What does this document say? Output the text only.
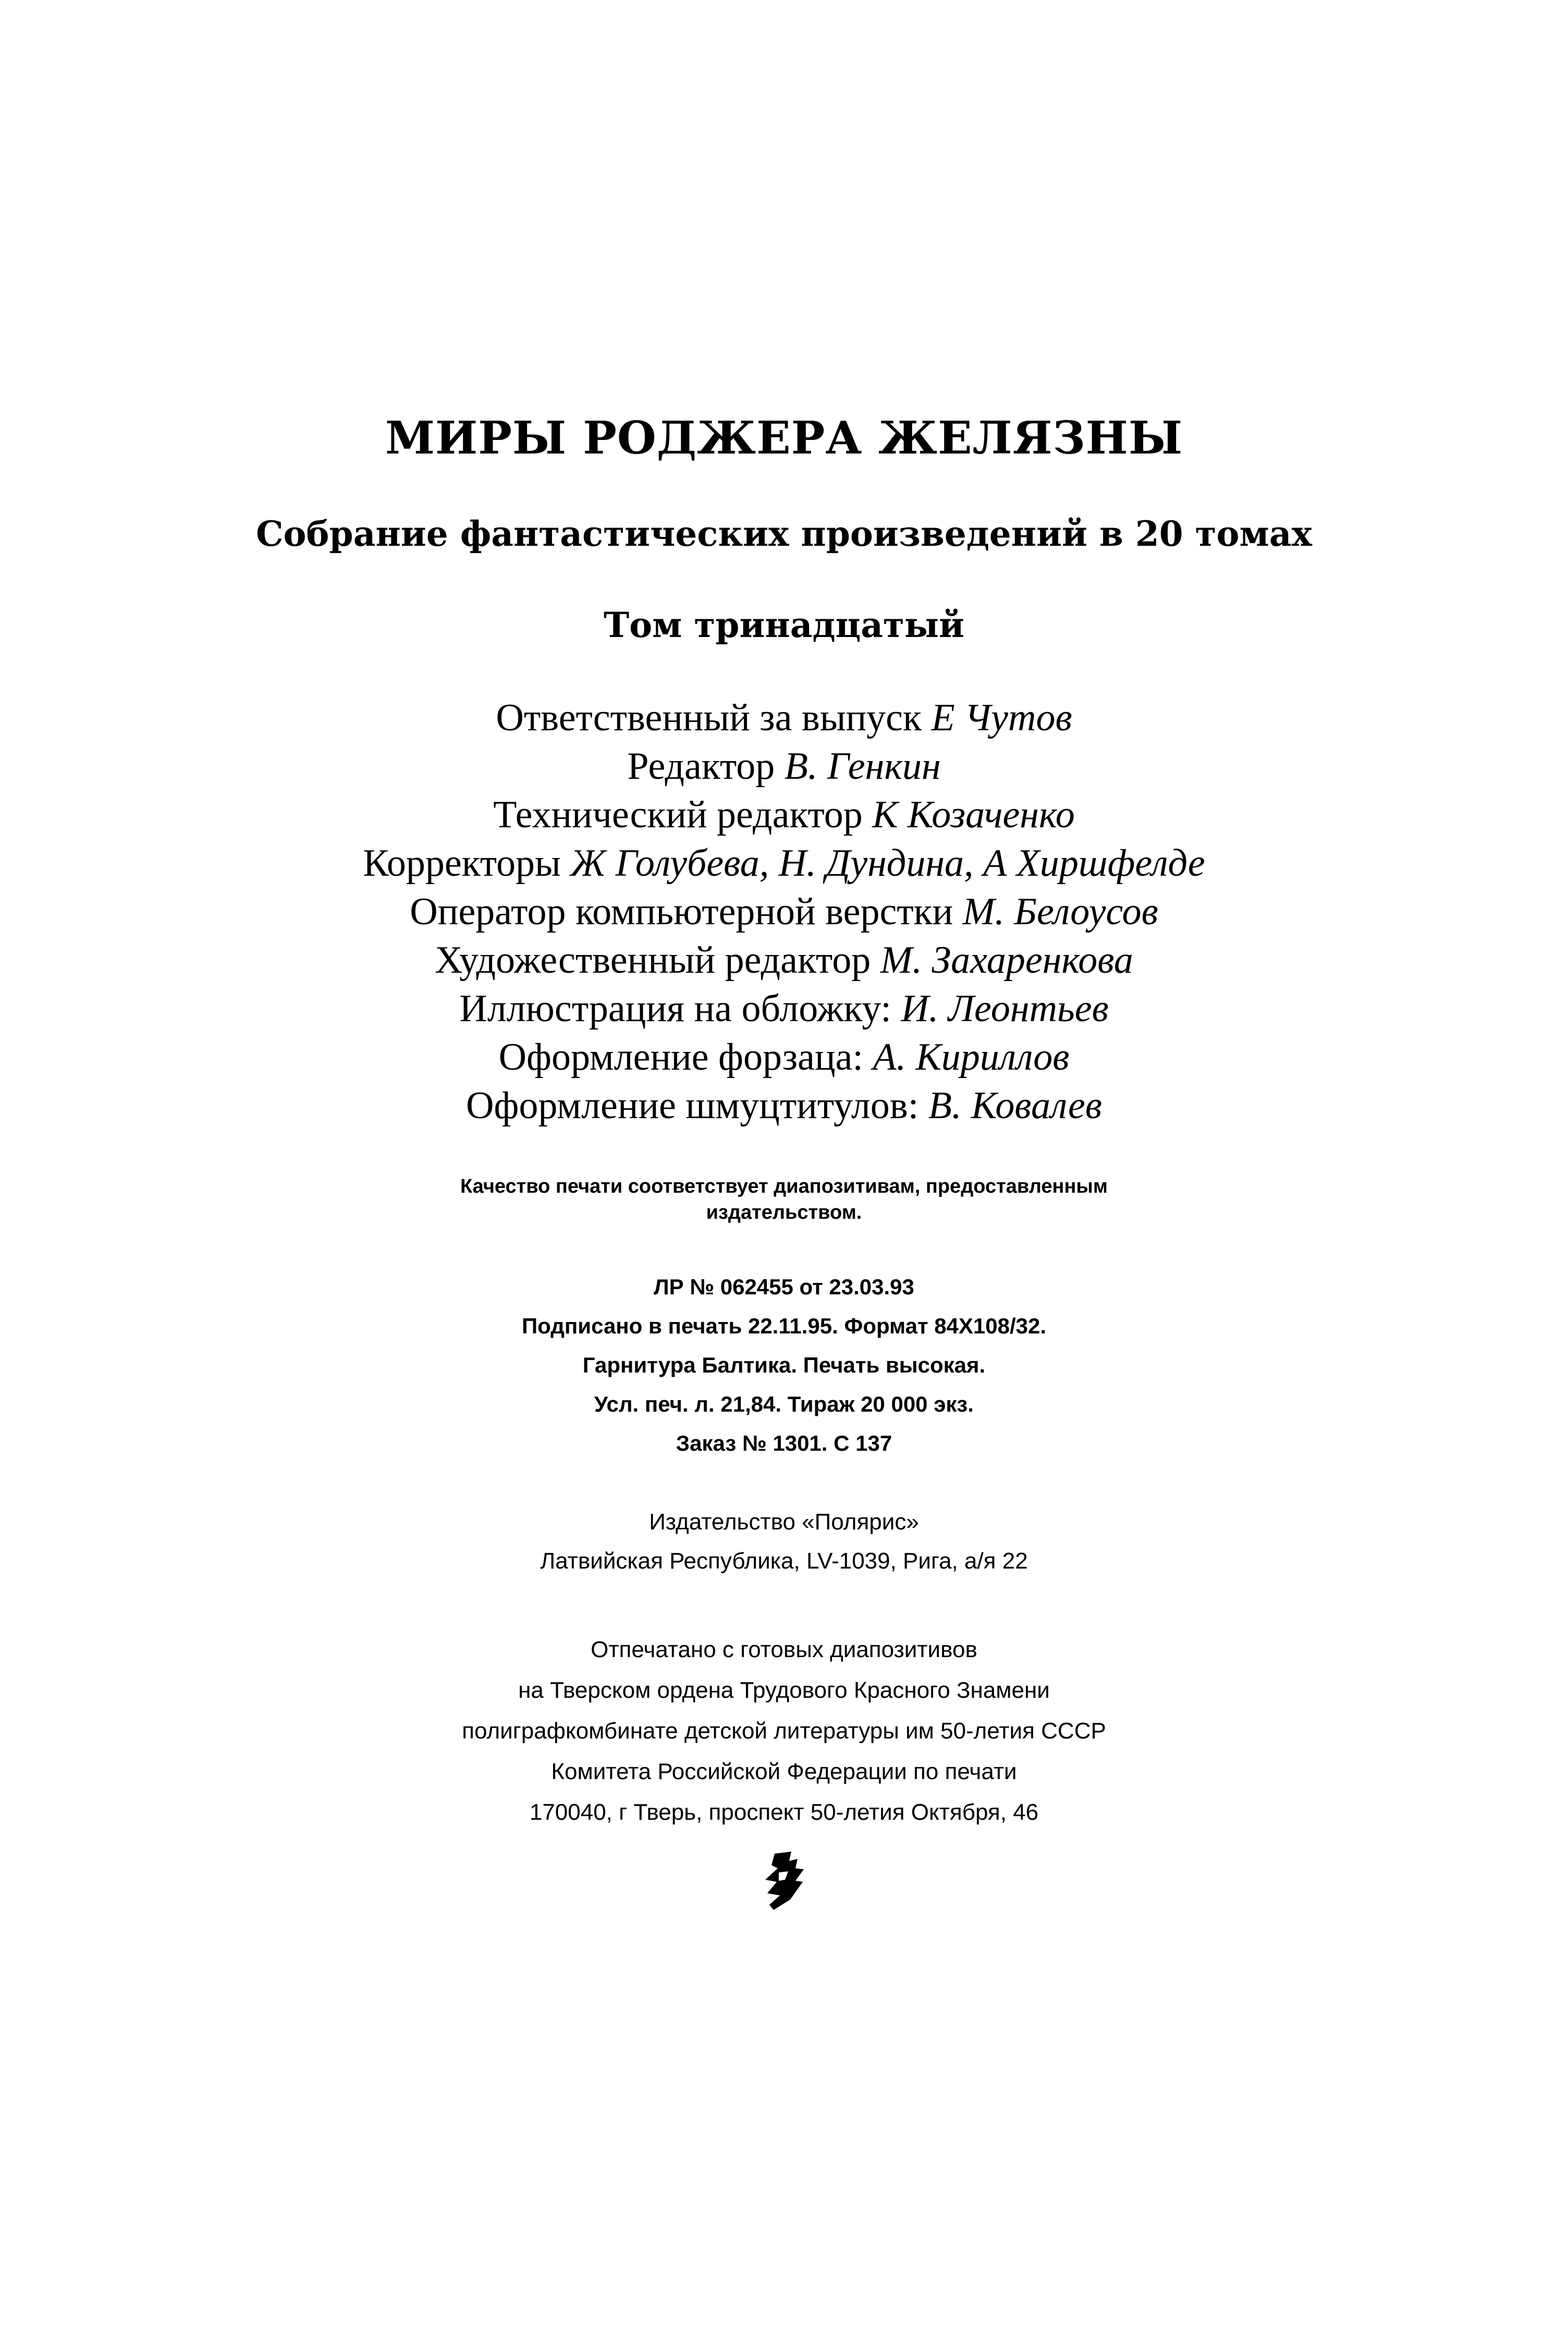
МИРЫ РОДЖЕРА ЖЕЛЯЗНЫ
Собрание фантастических произведений в 20 томах
Том тринадцатый
Ответственный за выпуск Е Чутов
Редактор В. Генкин
Технический редактор К Козаченко
Корректоры Ж Голубева, Н. Дундина, А Хиршфелде
Оператор компьютерной верстки М. Белоусов
Художественный редактор М. Захаренкова
Иллюстрация на обложку: И. Леонтьев
Оформление форзаца: А. Кириллов
Оформление шмуцтитулов: В. Ковалев
Качество печати соответствует диапозитивам, предоставленным
издательством.
ЛР № 062455 от 23.03.93
Подписано в печать 22.11.95. Формат 84Х108/32.
Гарнитура Балтика. Печать высокая.
Усл. печ. л. 21,84. Тираж 20 000 экз.
Заказ № 1301. С 137
Издательство «Полярис»
Латвийская Республика, LV-1039, Рига, а/я 22
Отпечатано с готовых диапозитивов
на Тверском ордена Трудового Красного Знамени
полиграфкомбинате детской литературы им 50-летия СССР
Комитета Российской Федерации по печати
170040, г Тверь, проспект 50-летия Октября, 46
